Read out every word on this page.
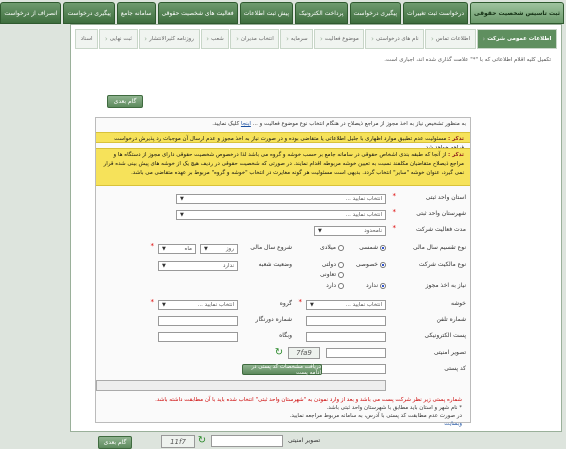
ثبت تاسیس شخصیت حقوقی
درخواست ثبت تغییرات
پیگیری درخواست
پرداخت الکترونیک
پیش ثبت اطلاعات
فعالیت های شخصیت حقوقی
سامانه جامع
پیگیری درخواست
انصراف از درخواست
اطلاعات عمومی شرکت
‹
اطلاعات تماس
‹
نام های درخواستی
‹
موضوع فعالیت
‹
سرمایه
‹
انتخاب مدیران
‹
شعب
‹
روزنامه کثیرالانتشار
‹
ثبت نهایی
‹
اسناد
تکمیل کلیه اقلام اطلاعاتی که با "*" علامت گذاری شده اند، اجباری است.
گام بعدی
به منظور تشخیص نیاز به اخذ مجوز از مراجع ذیصلاح در هنگام انتخاب نوع موضوع فعالیت و ... اینجا کلیک نمایید.
تذکر : مسئولیت عدم تطبیق موارد اظهاری با جلیل اطلاعاتی یا متقاضی بوده و در صورت نیاز به اخذ مجوز و عدم ارسال آن موجبات رد پذیرش درخواست
تذکر : از آنجا که طبقه بندی اشخاص حقوقی در سامانه جامع بر حسب خوشه و گروه می باشد لذا درخصوص شخصیت حقوقی دارای مجوز از دستگاه ها و مراجع ذیصلاح متقاضیان مکلفند نسبت به تعیین خوشه مربوطه اقدام نمایند. در صورتی که شخصیت حقوقی در ردیف هیچ یک از خوشه های پیش بینی شده قرار نمی گیرد، عنوان خوشه "سایر" انتخاب گردد. بدیهی است مسئولیت هر گونه مغایرت در انتخاب "خوشه و گروه" مربوط بر عهده متقاضی می باشد.
استان واحد ثبتی
*
انتخاب نمایید ...
▼
شهرستان واحد ثبتی
*
انتخاب نمایید ...
▼
مدت فعالیت شرکت
*
نامحدود
▼
نوع تقسیم سال مالی
شمسی
میلادی
شروع سال مالی
روز
▼
ماه
▼
*
نوع مالکیت شرکت
خصوصی
دولتی
تعاونی
وضعیت شعبه
ندارد
▼
نیاز به اخذ مجوز
ندارد
دارد
خوشه
انتخاب نمایید ...
▼
*
گروه
انتخاب نمایید ...
▼
*
شماره تلفن
شماره دورنگار
پست الکترونیکی
وبگاه
تصویر امنیتی
7fa9
↻
کد پستی
دریافت مشخصات کد پستی در ادامه پست
شماره پستی زیر نظر شرکت پست می باشد و بعد از وارد نمودن به "شهرستان واحد ثبتی" انتخاب شده باید با آن مطابقت داشته باشد.
* نام شهر و استان باید مطابق با شهرستان واحد ثبتی باشد.
در صورت عدم مطابقت کد پستی با آدرس، به سامانه مربوط مراجعه نمایید.
وبسایت
تصویر امنیتی
11f7	↻
گام بعدی
